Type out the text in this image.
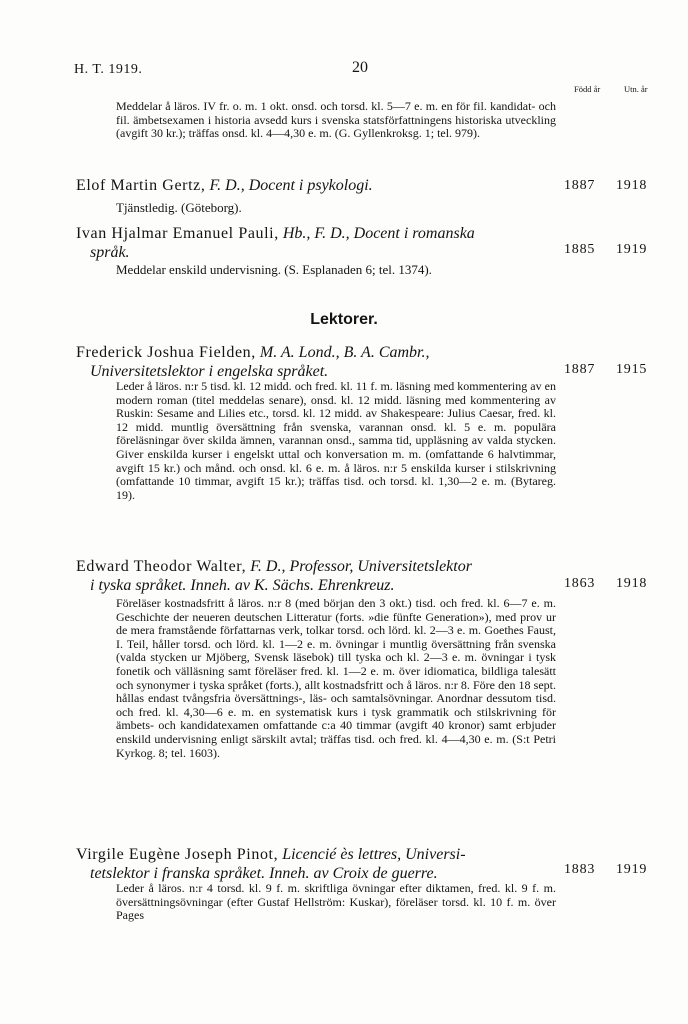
H. T. 1919.	20
Född år	Utn. år
Meddelar å läros. IV fr. o. m. 1 okt. onsd. och torsd. kl. 5—7 e. m. en för fil. kandidat- och fil. ämbetsexamen i historia avsedd kurs i svenska statsförfattningens historiska utveckling (avgift 30 kr.); träffas onsd. kl. 4—4,30 e. m. (G. Gyllenkroksg. 1; tel. 979).
Elof Martin Gertz, F. D., Docent i psykologi.	1887 1918
Tjänstledig. (Göteborg).
Ivan Hjalmar Emanuel Pauli, Hb., F. D., Docent i romanska
språk.	1885 1919
Meddelar enskild undervisning. (S. Esplanaden 6; tel. 1374).
Lektorer.
Frederick Joshua Fielden, M. A. Lond., B. A. Cambr.,
Universitetslektor i engelska språket.	1887 1915
Leder å läros. n:r 5 tisd. kl. 12 midd. och fred. kl. 11 f. m. läsning med kommentering av en modern roman (titel meddelas senare), onsd. kl. 12 midd. läsning med kommentering av Ruskin: Sesame and Lilies etc., torsd. kl. 12 midd. av Shakespeare: Julius Caesar, fred. kl. 12 midd. muntlig översättning från svenska, varannan onsd. kl. 5 e. m. populära föreläsningar över skilda ämnen, varannan onsd., samma tid, uppläsning av valda stycken. Giver enskilda kurser i engelskt uttal och konversation m. m. (omfattande 6 halvtimmar, avgift 15 kr.) och månd. och onsd. kl. 6 e. m. å läros. n:r 5 enskilda kurser i stilskrivning (omfattande 10 timmar, avgift 15 kr.); träffas tisd. och torsd. kl. 1,30—2 e. m. (Bytareg. 19).
Edward Theodor Walter, F. D., Professor, Universitetslektor
i tyska språket. Inneh. av K. Sächs. Ehrenkreuz.	1863 1918
Föreläser kostnadsfritt å läros. n:r 8 (med början den 3 okt.) tisd. och fred. kl. 6—7 e. m. Geschichte der neueren deutschen Litteratur (forts. »die fünfte Generation»), med prov ur de mera framstående författarnas verk, tolkar torsd. och lörd. kl. 2—3 e. m. Goethes Faust, I. Teil, håller torsd. och lörd. kl. 1—2 e. m. övningar i muntlig översättning från svenska (valda stycken ur Mjöberg, Svensk läsebok) till tyska och kl. 2—3 e. m. övningar i tysk fonetik och välläsning samt föreläser fred. kl. 1—2 e. m. över idiomatica, bildliga talesätt och synonymer i tyska språket (forts.), allt kostnadsfritt och å läros. n:r 8. Före den 18 sept. hållas endast tvångsfria översättnings-, läs- och samtalsövningar. Anordnar dessutom tisd. och fred. kl. 4,30—6 e. m. en systematisk kurs i tysk grammatik och stilskrivning för ämbets- och kandidatexamen omfattande c:a 40 timmar (avgift 40 kronor) samt erbjuder enskild undervisning enligt särskilt avtal; träffas tisd. och fred. kl. 4—4,30 e. m. (S:t Petri Kyrkog. 8; tel. 1603).
Virgile Eugène Joseph Pinot, Licencié ès lettres, Universi-
tetslektor i franska språket. Inneh. av Croix de guerre.	1883 1919
Leder å läros. n:r 4 torsd. kl. 9 f. m. skriftliga övningar efter diktamen, fred. kl. 9 f. m. översättningsövningar (efter Gustaf Hellström: Kuskar), föreläser torsd. kl. 10 f. m. över Pages
